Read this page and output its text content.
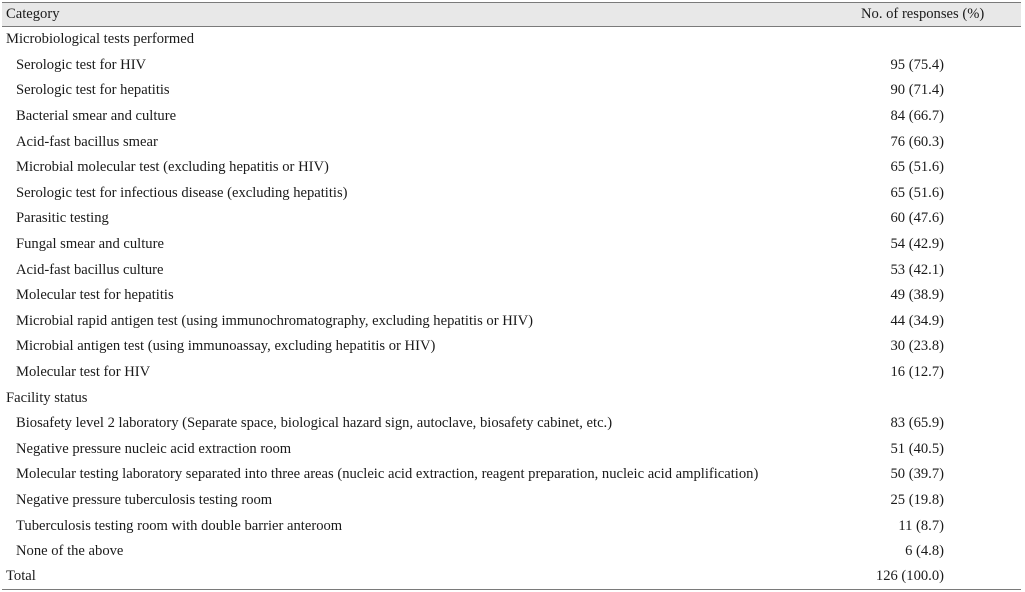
Category	No. of responses (%)
Microbiological tests performed
Serologic test for HIV	95 (75.4)
Serologic test for hepatitis	90 (71.4)
Bacterial smear and culture	84 (66.7)
Acid-fast bacillus smear	76 (60.3)
Microbial molecular test (excluding hepatitis or HIV)	65 (51.6)
Serologic test for infectious disease (excluding hepatitis)	65 (51.6)
Parasitic testing	60 (47.6)
Fungal smear and culture	54 (42.9)
Acid-fast bacillus culture	53 (42.1)
Molecular test for hepatitis	49 (38.9)
Microbial rapid antigen test (using immunochromatography, excluding hepatitis or HIV)	44 (34.9)
Microbial antigen test (using immunoassay, excluding hepatitis or HIV)	30 (23.8)
Molecular test for HIV	16 (12.7)
Facility status
Biosafety level 2 laboratory (Separate space, biological hazard sign, autoclave, biosafety cabinet, etc.)	83 (65.9)
Negative pressure nucleic acid extraction room	51 (40.5)
Molecular testing laboratory separated into three areas (nucleic acid extraction, reagent preparation, nucleic acid amplification)	50 (39.7)
Negative pressure tuberculosis testing room	25 (19.8)
Tuberculosis testing room with double barrier anteroom	11 (8.7)
None of the above	6 (4.8)
Total	126 (100.0)
